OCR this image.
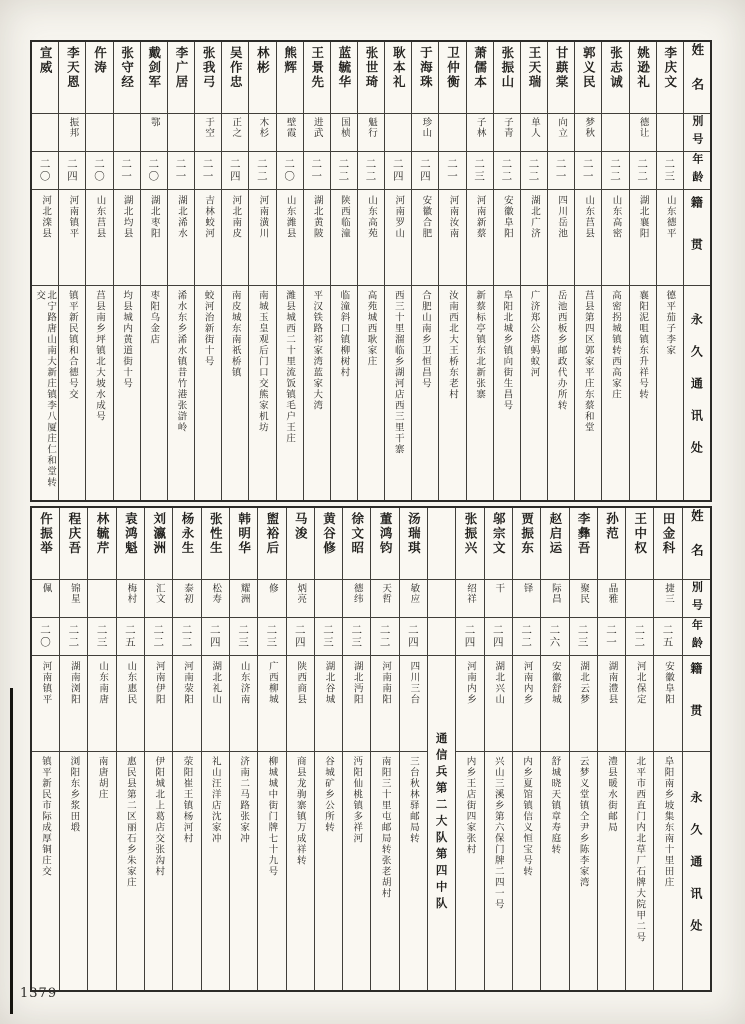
姓名
別号
年龄
籍贯
永久通讯处
李庆文
二三
山东德平
德平茄子李家
姚逊礼
德让
二二
湖北襄阳
襄阳泥咀镇东升祥号转
张志诚
二二
山东高密
高密拐城镇转西高家庄
郭义民
梦秋
二一
山东莒县
莒县第四区郭家平庄东蔡和堂
甘蕻棠
向立
二一
四川岳池
岳池西板乡邮政代办所转
王天瑞
单人
二二
湖北广济
广济郑公塔蚂蚁河
张振山
子青
二二
安徽阜阳
阜阳北城乡镇向街生昌号
萧儒本
子林
二三
河南新蔡
新蔡标亭镇东北新张寨
卫仲衡
二一
河南汝南
汝南西北大王桥东老村
于海珠
珍山
二四
安徽合肥
合肥山南乡卫恒昌号
耿本礼
二四
河南罗山
西三十里溜临乡湖河店西三里干寨
张世琦
魁行
二二
山东高苑
高苑城西耿家庄
蓝毓华
国桢
二二
陕西临潼
临潼斜口镇柳树村
王景先
进武
二一
湖北黄陂
平汉铁路祁家湾蓝家大湾
熊辉
壁霞
二〇
山东潍县
潍县城西二十里流饭镇毛户王庄
林彬
木杉
二二
河南潢川
南城玉皇观后门口交熊家机坊
吴作忠
正之
二四
河北南皮
南皮城东南祇桥镇
张我弓
于空
二一
吉林蛟河
蛟河治新街十号
李广居
二一
湖北浠水
浠水东乡浠水镇昔竹港张滸岭
戴剑军
鄂
二〇
湖北枣阳
枣阳乌金店
张守经
二一
湖北均县
均县城内黄道街十号
仵涛
二〇
山东莒县
莒县南乡坪镇北大坡水成号
李天恩
振邦
二四
河南镇平
镇平新民镇和合德号交
宣威
二〇
河北滦县
北宁路唐山南大新庄镇李八厦庄仁和堂转交
姓名
別号
年龄
籍贯
永久通讯处
田金科
捷三
二五
安徽阜阳
阜阳南乡坡集东南十里田庄
王中权
二二
河北保定
北平市西直门内北草厂石牌大院甲二号
孙范
晶雅
二一
湖南澧县
澧县暖水街邮局
李彝吾
聚民
二三
湖北云梦
云梦义堂镇仝尹乡陈李家湾
赵启运
际昌
二六
安徽舒城
舒城晓天镇章寿庭转
贾振东
铎
二二
河南内乡
内乡夏馆镇信义恒宝号转
邬宗文
干
二四
湖北兴山
兴山三溪乡第六保门牌二四一号
张振兴
绍祥
二四
河南内乡
内乡王店街四家张村
通信兵第二大队第四中队
汤瑞琪
敏应
二四
四川三台
三台秋林驿邮局转
董鸿钧
天哲
二二
河南南阳
南阳三十里屯邮局转张老胡村
徐文昭
德纬
二三
湖北沔阳
沔阳仙桃镇多祥河
黄谷修
二三
湖北谷城
谷城矿乡公所转
马浚
炳亮
二四
陕西商县
商县龙驹寨镇万成祥转
盥裕后
修
二三
广西柳城
柳城城中街门牌七十九号
韩明华
耀洲
二三
山东济南
济南二马路张家冲
张性生
松寿
二四
湖北礼山
礼山汪洋店沈家冲
杨永生
泰初
二二
河南荥阳
荥阳崔王镇杨河村
刘瀛洲
汇文
二二
河南伊阳
伊阳城北上葛店交张沟村
袁鸿魁
梅村
二五
山东惠民
惠民县第二区丽石乡朱家庄
林毓芹
二三
山东南唐
南唐胡庄
程庆吾
锦星
二二
湖南浏阳
浏阳东乡浆田塅
仵振举
佩
二〇
河南镇平
镇平新民市际成厚铜庄交
1379
